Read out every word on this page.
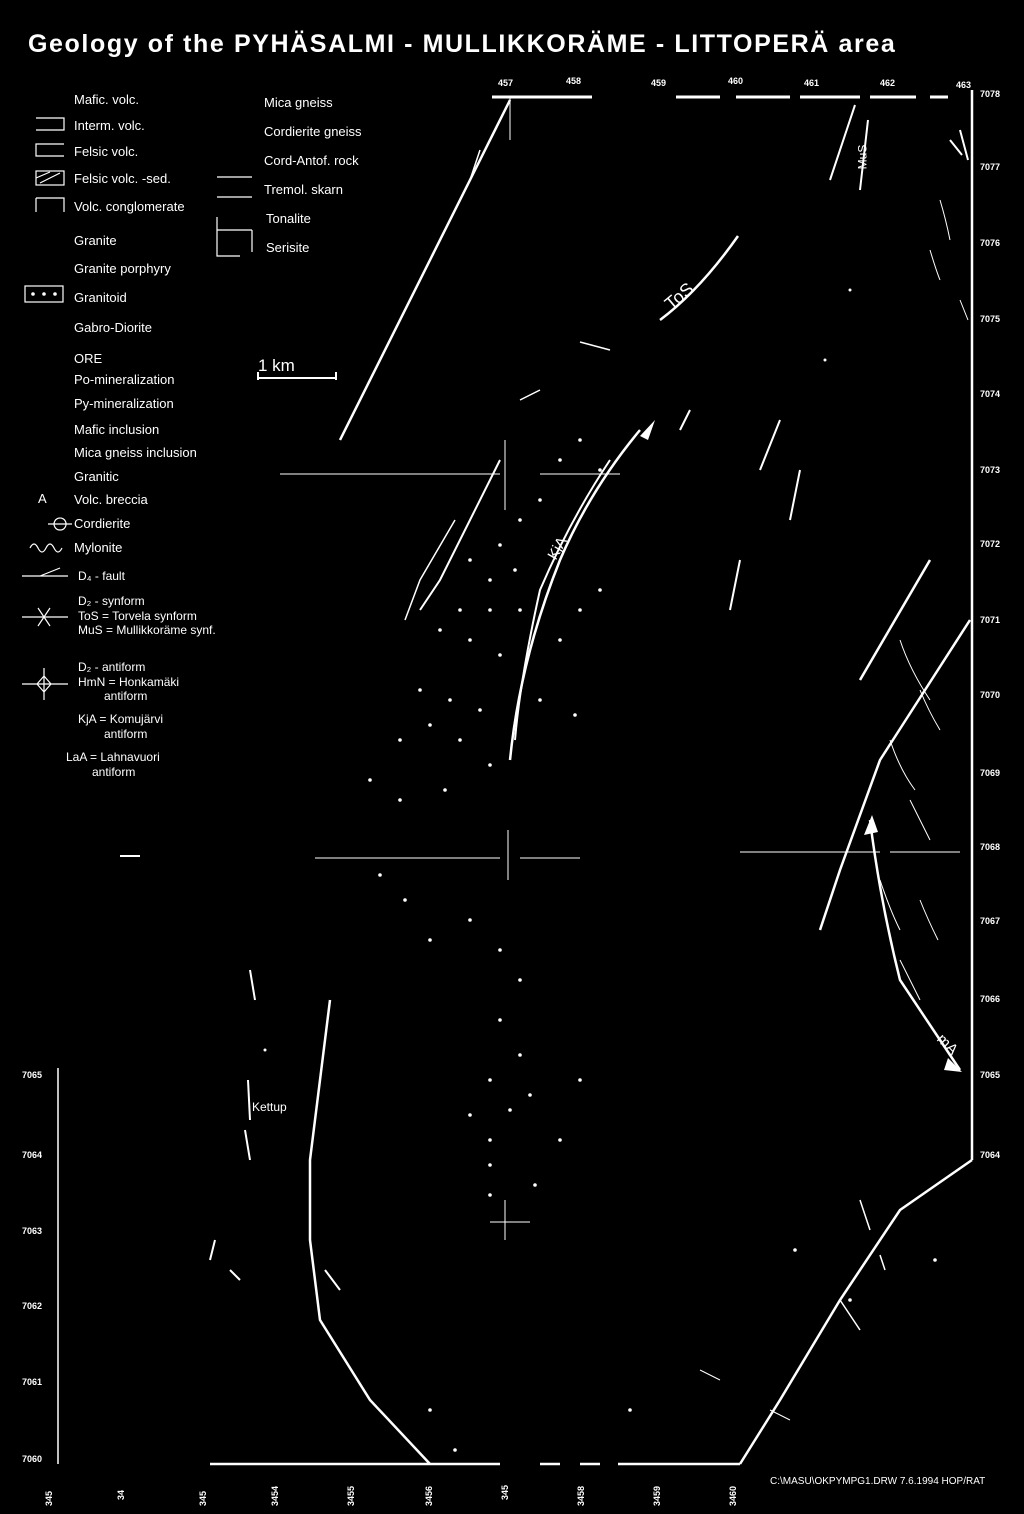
Geology of the PYHÄSALMI - MULLIKKORÄME - LITTOPERÄ area
Mafic. volc.
Interm. volc.
Felsic volc.
Felsic volc. -sed.
Volc. conglomerate
Granite
Granite porphyry
Granitoid
Gabro-Diorite
ORE
Po-mineralization
Py-mineralization
Mafic inclusion
Mica gneiss inclusion
Granitic
Volc. breccia
Cordierite
Mylonite
D₄ - fault
D₂ - synform
ToS = Torvela synform
MuS = Mullikkoräme synf.
D₂ - antiform
HmN = Honkamäki
antiform
KjA = Komujärvi
antiform
LaA = Lahnavuori
antiform
Mica gneiss
Cordierite gneiss
Cord-Antof. rock
Tremol. skarn
Tonalite
Serisite
1 km
ToS
KjA
MuS
mA
Kettup
457	458	459	460	461	462	463
7078
7077
7076
7075
7074
7073
7072
7071
7070
7069
7068
7067
7066
7065
7064
7065
7064
7063
7062
7061
7060
345	34	345	3454	3455	3456	345	3458	3459	3460
A
C:\MASU\OKPYMPG1.DRW 7.6.1994 HOP/RAT
